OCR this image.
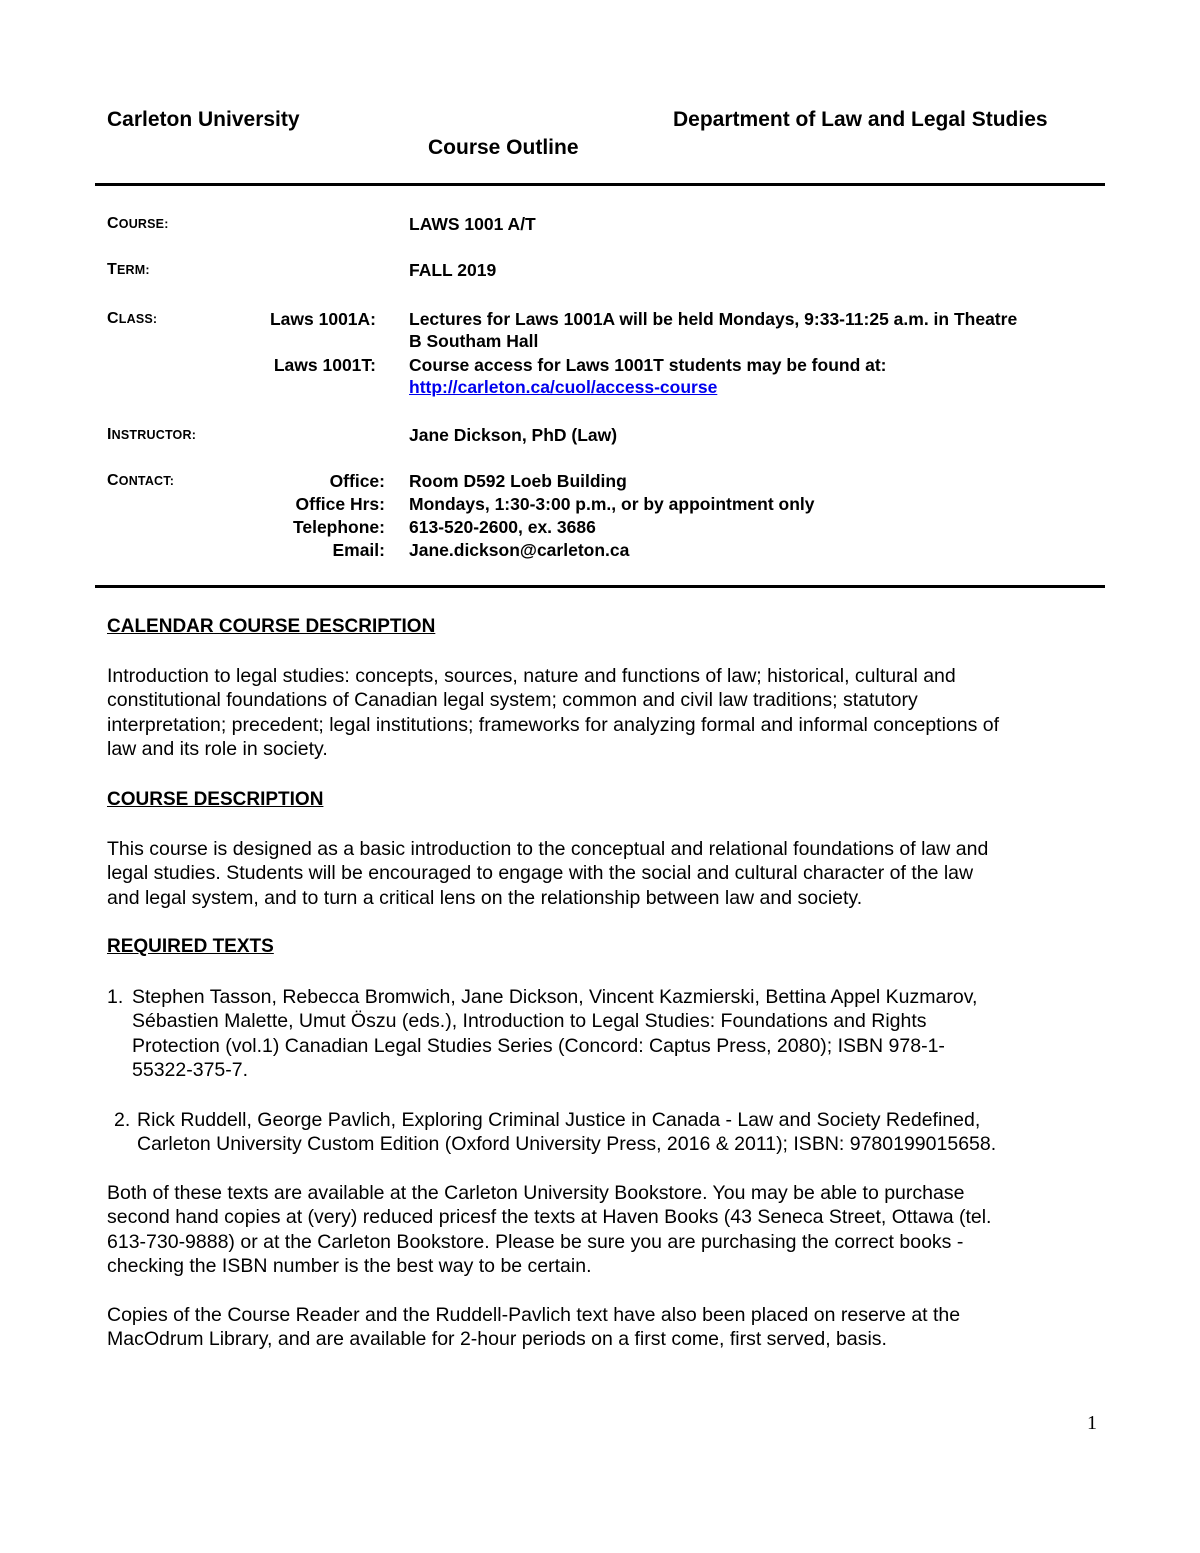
Carleton University	Department of Law and Legal Studies
Course Outline
COURSE:	LAWS 1001 A/T
TERM:	FALL 2019
CLASS:	Laws 1001A: Lectures for Laws 1001A will be held Mondays, 9:33-11:25 a.m. in Theatre
B Southam Hall
Laws 1001T: Course access for Laws 1001T students may be found at:
http://carleton.ca/cuol/access-course
INSTRUCTOR:	Jane Dickson, PhD (Law)
CONTACT:	Office: Room D592 Loeb Building
Office Hrs: Mondays, 1:30-3:00 p.m., or by appointment only
Telephone: 613-520-2600, ex. 3686
Email: Jane.dickson@carleton.ca
CALENDAR COURSE DESCRIPTION
Introduction to legal studies: concepts, sources, nature and functions of law; historical, cultural and
constitutional foundations of Canadian legal system; common and civil law traditions; statutory
interpretation; precedent; legal institutions; frameworks for analyzing formal and informal conceptions of
law and its role in society.
COURSE DESCRIPTION
This course is designed as a basic introduction to the conceptual and relational foundations of law and
legal studies. Students will be encouraged to engage with the social and cultural character of the law
and legal system, and to turn a critical lens on the relationship between law and society.
REQUIRED TEXTS
1. Stephen Tasson, Rebecca Bromwich, Jane Dickson, Vincent Kazmierski, Bettina Appel Kuzmarov,
Sébastien Malette, Umut Öszu (eds.), Introduction to Legal Studies: Foundations and Rights
Protection (vol.1) Canadian Legal Studies Series (Concord: Captus Press, 2080); ISBN 978-1-
55322-375-7.
2. Rick Ruddell, George Pavlich, Exploring Criminal Justice in Canada - Law and Society Redefined,
Carleton University Custom Edition (Oxford University Press, 2016 & 2011); ISBN: 9780199015658.
Both of these texts are available at the Carleton University Bookstore. You may be able to purchase
second hand copies at (very) reduced pricesf the texts at Haven Books (43 Seneca Street, Ottawa (tel.
613-730-9888) or at the Carleton Bookstore. Please be sure you are purchasing the correct books -
checking the ISBN number is the best way to be certain.
Copies of the Course Reader and the Ruddell-Pavlich text have also been placed on reserve at the
MacOdrum Library, and are available for 2-hour periods on a first come, first served, basis.
1
